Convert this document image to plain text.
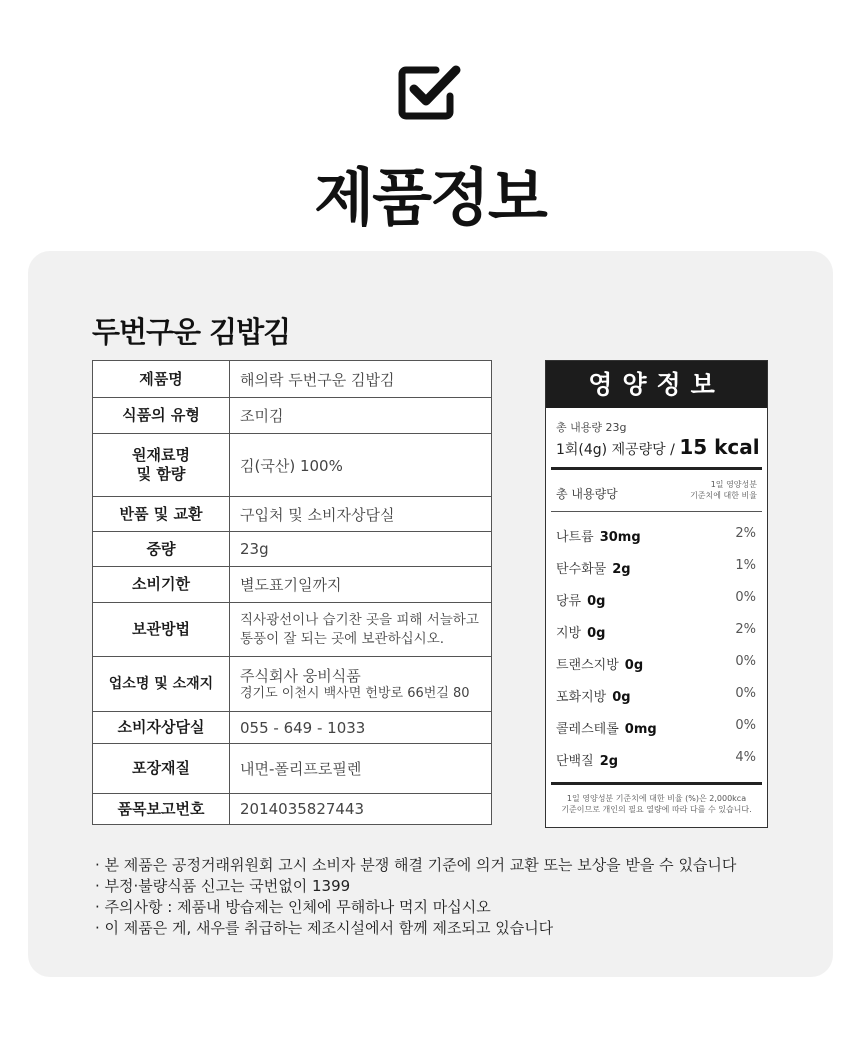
제품정보
두번구운 김밥김
제품명	해의락 두번구운 김밥김
식품의 유형	조미김

원재료명
및 함량	김(국산) 100%
반품 및 교환	구입처 및 소비자상담실
중량	23g
소비기한	별도표기일까지
보관방법	직사광선이나 습기찬 곳을 피해 서늘하고
통풍이 잘 되는 곳에 보관하십시오.

업소명 및 소재지	주식회사 웅비식품
경기도 이천시 백사면 헌방로 66번길 80

소비자상담실	055 - 649 - 1033
포장재질	내면-폴리프로필렌
품목보고번호	2014035827443
영양정보
총 내용량 23g
1회(4g) 제공량당 / 15 kcal
총 내용량당
1일 영양성분
기준치에 대한 비율
나트륨 30mg	2%
탄수화물 2g	1%
당류 0g	0%
지방 0g	2%
트랜스지방 0g	0%
포화지방 0g	0%
콜레스테롤 0mg	0%
단백질 2g	4%
1일 영양성분 기준치에 대한 비율 (%)은 2,000kca
기준이므로 개인의 필요 열량에 따라 다를 수 있습니다.
· 본 제품은 공정거래위원회 고시 소비자 분쟁 해결 기준에 의거 교환 또는 보상을 받을 수 있습니다
· 부정·불량식품 신고는 국번없이 1399
· 주의사항 : 제품내 방습제는 인체에 무해하나 먹지 마십시오
· 이 제품은 게, 새우를 취급하는 제조시설에서 함께 제조되고 있습니다
